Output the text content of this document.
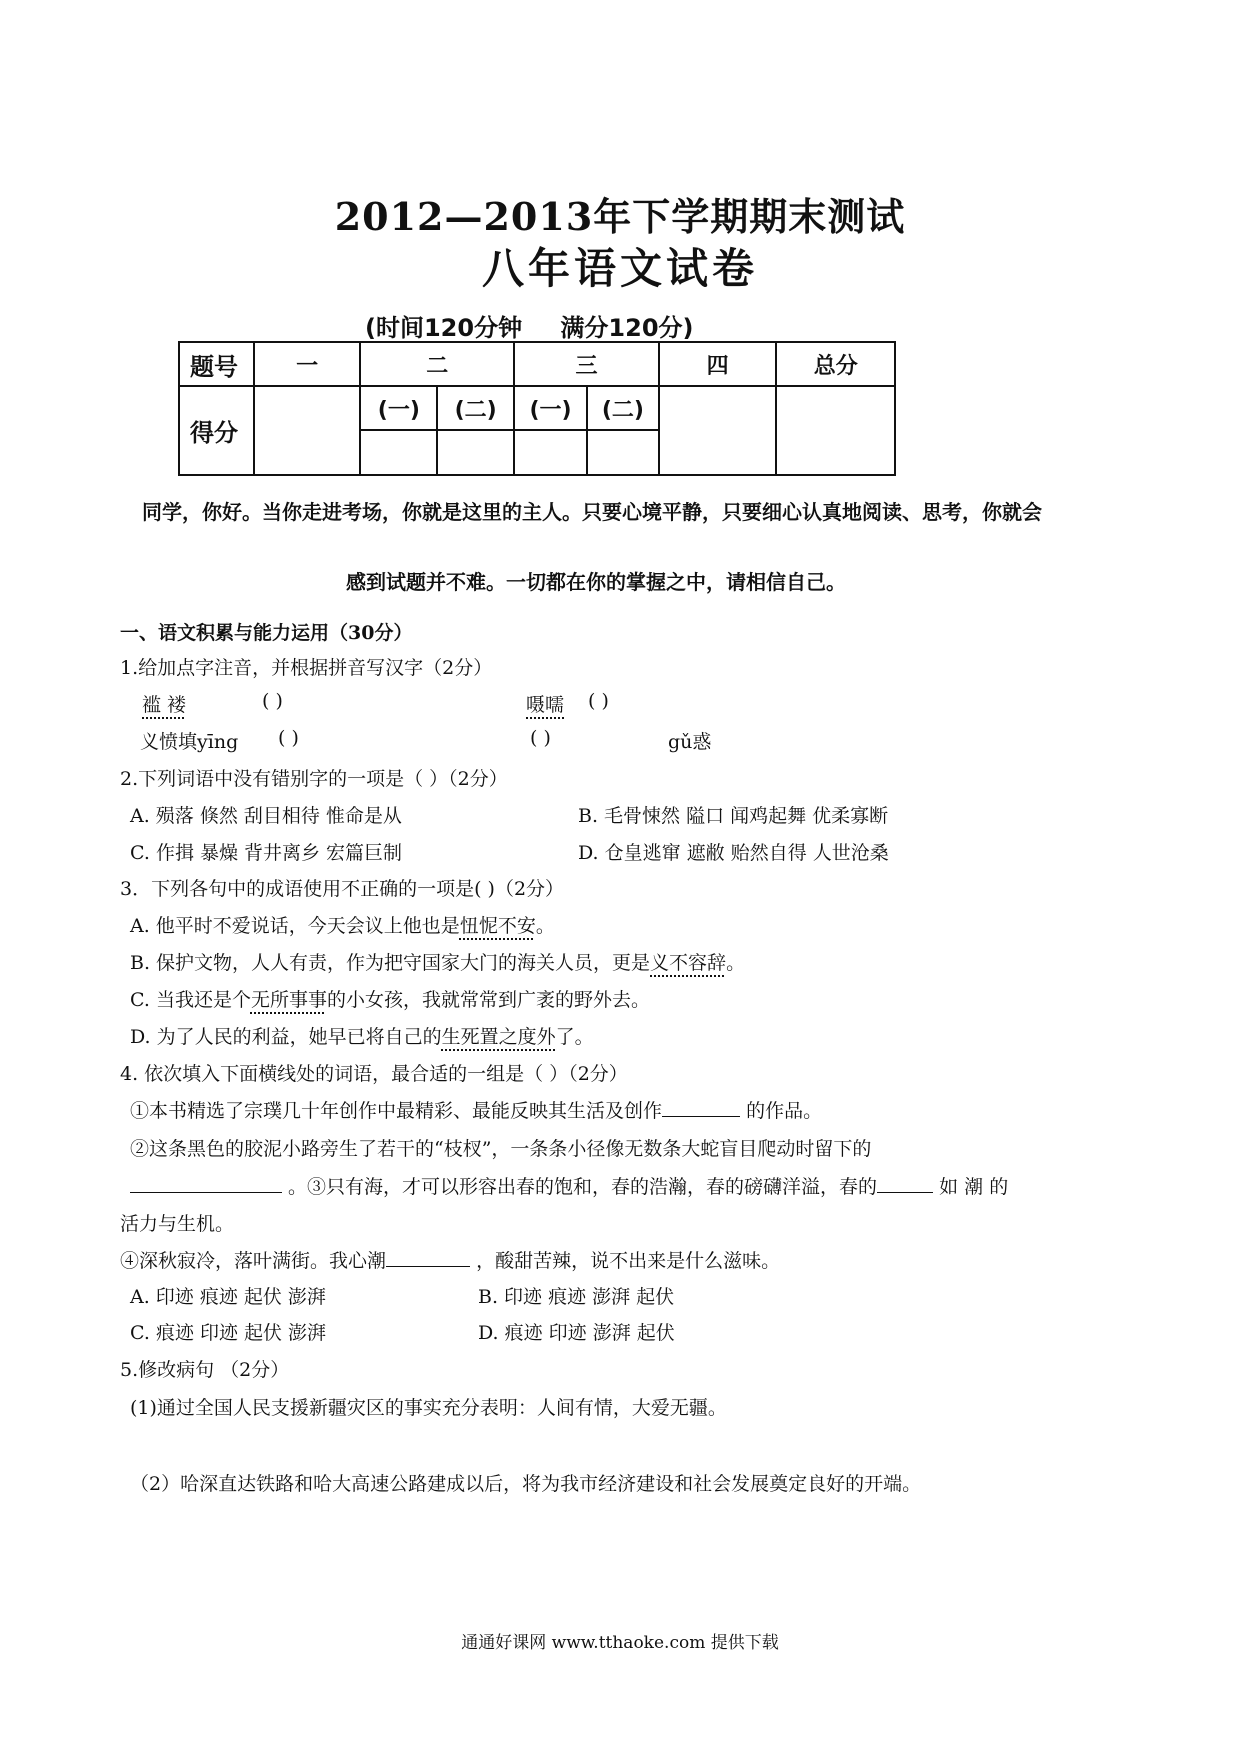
2012—2013年下学期期末测试
八年语文试卷
(时间120分钟 满分120分)
题号	一	二		三		四	总分
得分		(一)	(二)	(一)	(二)		

同学，你好。当你走进考场，你就是这里的主人。只要心境平静，只要细心认真地阅读、思考，你就会
感到试题并不难。一切都在你的掌握之中，请相信自己。
一、语文积累与能力运用（30分）
1.给加点字注音，并根据拼音写汉字（2分）
褴 褛	( )	嗫嚅 ( )
义愤填yīng ( )	( )	gǔ惑
2.下列词语中没有错别字的一项是（ ）（2分）
A. 殒落 倏然 刮目相待 惟命是从	B. 毛骨悚然 隘口 闻鸡起舞 优柔寡断
C. 作揖 暴燥 背井离乡 宏篇巨制	D. 仓皇逃窜 遮敝 贻然自得 人世沧桑
3．下列各句中的成语使用不正确的一项是( )（2分）
A. 他平时不爱说话，今天会议上他也是忸怩不安。
B. 保护文物，人人有责，作为把守国家大门的海关人员，更是义不容辞。
C. 当我还是个无所事事的小女孩，我就常常到广袤的野外去。
D. 为了人民的利益，她早已将自己的生死置之度外了。
4. 依次填入下面横线处的词语，最合适的一组是（ ）（2分）
①本书精选了宗璞几十年创作中最精彩、最能反映其生活及创作	的作品。
②这条黑色的胶泥小路旁生了若干的“枝杈”，一条条小径像无数条大蛇盲目爬动时留下的
。③只有海，才可以形容出春的饱和，春的浩瀚，春的磅礴洋溢，春的	如 潮 的
活力与生机。
④深秋寂冷，落叶满街。我心潮	，酸甜苦辣，说不出来是什么滋味。
A. 印迹 痕迹 起伏 澎湃	B. 印迹 痕迹 澎湃 起伏
C. 痕迹 印迹 起伏 澎湃	D. 痕迹 印迹 澎湃 起伏
5.修改病句 （2分）
(1)通过全国人民支援新疆灾区的事实充分表明：人间有情，大爱无疆。
（2）哈深直达铁路和哈大高速公路建成以后，将为我市经济建设和社会发展奠定良好的开端。
通通好课网 www.tthaoke.com 提供下载
